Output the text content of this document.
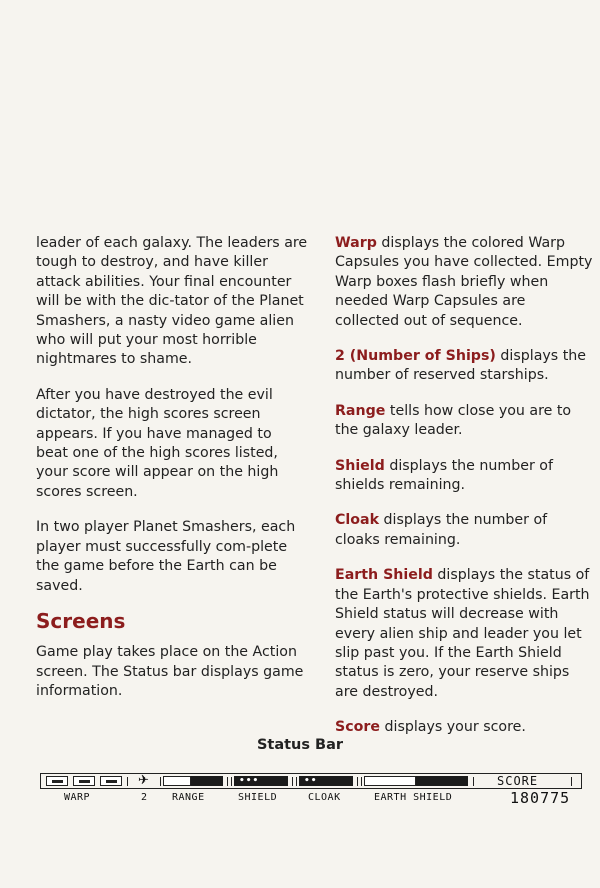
leader of each galaxy. The leaders are tough to destroy, and have killer attack abilities. Your final encounter will be with the dic-tator of the Planet Smashers, a nasty video game alien who will put your most horrible nightmares to shame.

After you have destroyed the evil dictator, the high scores screen appears. If you have managed to beat one of the high scores listed, your score will appear on the high scores screen.

In two player Planet Smashers, each player must successfully com-plete the game before the Earth can be saved.

Screens

Game play takes place on the Action screen. The Status bar displays game information.

Warp displays the colored Warp Capsules you have collected. Empty Warp boxes flash briefly when needed Warp Capsules are collected out of sequence.

2 (Number of Ships) displays the number of reserved starships.

Range tells how close you are to the galaxy leader.

Shield displays the number of shields remaining.

Cloak displays the number of cloaks remaining.

Earth Shield displays the status of the Earth's protective shields. Earth Shield status will decrease with every alien ship and leader you let slip past you. If the Earth Shield status is zero, your reserve ships are destroyed.

Score displays your score.

Status Bar
✈	•••	••	SCORE
WARP	2 RANGE	SHIELD	CLOAK	EARTH SHIELD	180775
